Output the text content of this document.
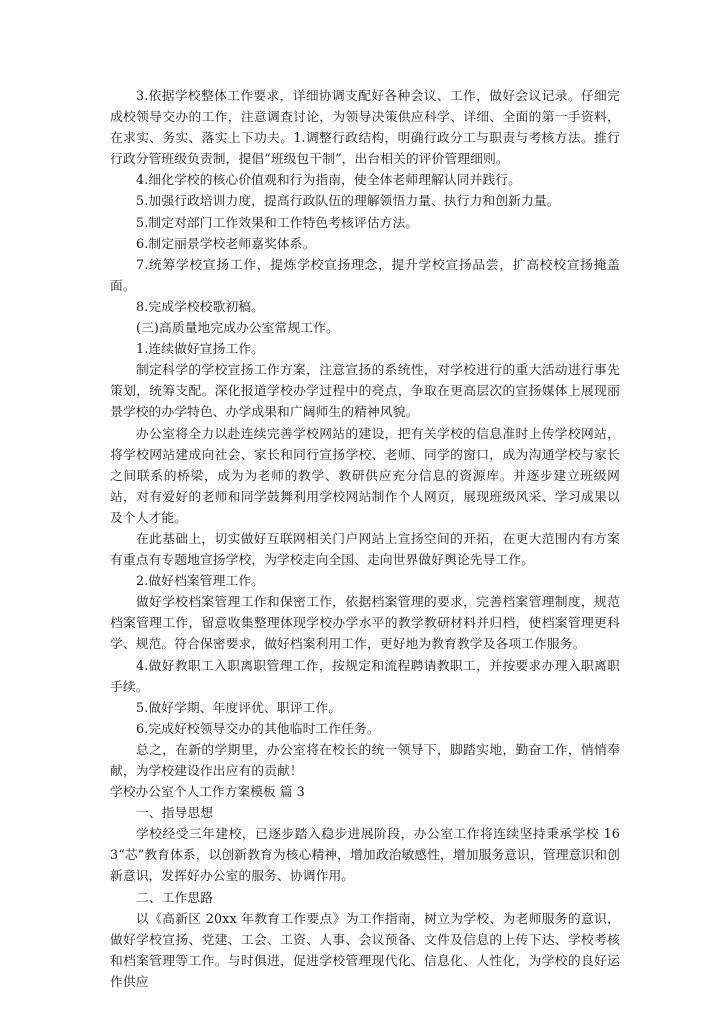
3.依据学校整体工作要求，详细协调支配好各种会议、工作，做好会议记录。仔细完成校领导交办的工作，注意调查讨论，为领导决策供应科学、详细、全面的第一手资料，在求实、务实、落实上下功夫。1.调整行政结构，明确行政分工与职责与考核方法。推行行政分管班级负责制，提倡“班级包干制”，出台相关的评价管理细则。

4.细化学校的核心价值观和行为指南，使全体老师理解认同并践行。

5.加强行政培训力度，提高行政队伍的理解领悟力量、执行力和创新力量。

5.制定对部门工作效果和工作特色考核评估方法。

6.制定丽景学校老师嘉奖体系。

7.统筹学校宣扬工作，提炼学校宣扬理念，提升学校宣扬品尝，扩高校校宣扬掩盖面。

8.完成学校校歌初稿。

(三)高质量地完成办公室常规工作。

1.连续做好宣扬工作。

制定科学的学校宣扬工作方案，注意宣扬的系统性，对学校进行的重大活动进行事先策划，统筹支配。深化报道学校办学过程中的亮点，争取在更高层次的宣扬媒体上展现丽景学校的办学特色、办学成果和广阔师生的精神风貌。

办公室将全力以赴连续完善学校网站的建设，把有关学校的信息准时上传学校网站，将学校网站建成向社会、家长和同行宣扬学校、老师、同学的窗口，成为沟通学校与家长之间联系的桥梁，成为为老师的教学、教研供应充分信息的资源库。并逐步建立班级网站，对有爱好的老师和同学鼓舞利用学校网站制作个人网页，展现班级风采、学习成果以及个人才能。

在此基础上，切实做好互联网相关门户网站上宣扬空间的开拓，在更大范围内有方案有重点有专题地宣扬学校，为学校走向全国、走向世界做好舆论先导工作。

2.做好档案管理工作。

做好学校档案管理工作和保密工作，依据档案管理的要求，完善档案管理制度，规范档案管理工作，留意收集整理体现学校办学水平的教学教研材料并归档，使档案管理更科学、规范。符合保密要求，做好档案利用工作，更好地为教育教学及各项工作服务。

4.做好教职工入职离职管理工作，按规定和流程聘请教职工，并按要求办理入职离职手续。

5.做好学期、年度评优、职评工作。

6.完成好校领导交办的其他临时工作任务。

总之，在新的学期里，办公室将在校长的统一领导下，脚踏实地，勤奋工作，悄悄奉献，为学校建设作出应有的贡献！

学校办公室个人工作方案模板 篇 3

一、指导思想

学校经受三年建校，已逐步踏入稳步进展阶段，办公室工作将连续坚持秉承学校 163“芯”教育体系，以创新教育为核心精神，增加政治敏感性，增加服务意识，管理意识和创新意识，发挥好办公室的服务、协调作用。

二、工作思路

以《高新区 20xx 年教育工作要点》为工作指南，树立为学校、为老师服务的意识，做好学校宣扬、党建、工会、工资、人事、会议预备、文件及信息的上传下达、学校考核和档案管理等工作。与时俱进，促进学校管理现代化、信息化、人性化，为学校的良好运作供应
